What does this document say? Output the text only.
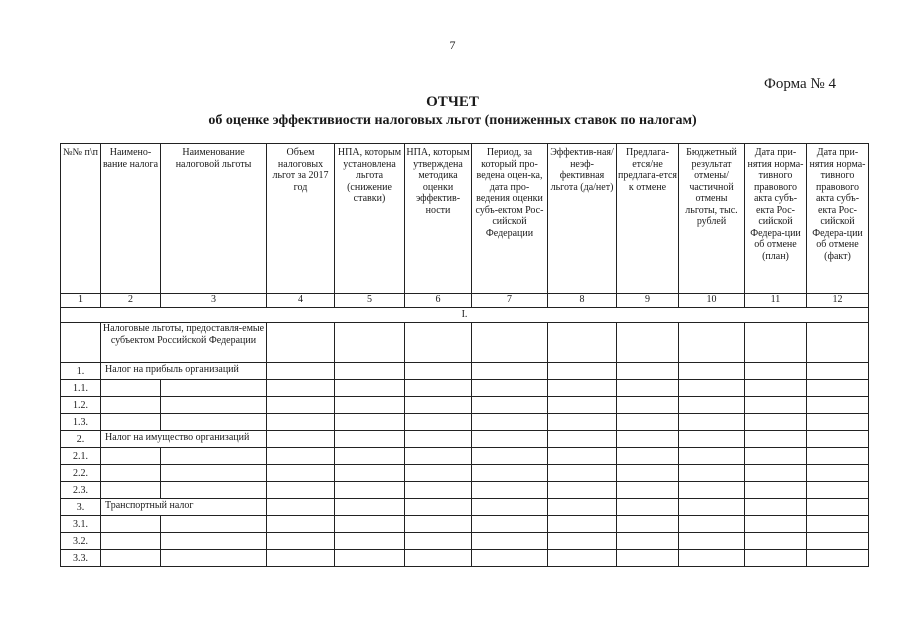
7
Форма № 4
ОТЧЕТ
об оценке эффективиости налоговых льгот (пониженных ставок по налогам)
№№ п\п	Наимено-вание налога	Наименование налоговой льготы	Объем налоговых льгот за 2017 год	НПА, которым установлена льгота (снижение ставки)	НПА, которым утверждена методика оценки эффектив-ности	Период, за который про-ведена оцен-ка, дата про-ведения оценки субъ-ектом Рос-сийской Федерации	Эффектив-ная/неэф-фективная льгота (да/нет)	Предлага-ется/не предлага-ется к отмене	Бюджетный результат отмены/ частичной отмены льготы, тыс. рублей	Дата при-нятия норма-тивного правового акта субъ-екта Рос-сийской Федера-ции об отмене (план)	Дата при-нятия норма-тивного правового акта субъ-екта Рос-сийской Федера-ции об отмене (факт)
1	2	3	4	5	6	7	8	9	10	11	12
I.											
	Налоговые льготы, предоставля-емые субъектом Российской Федерации										
1.	Налог на прибыль организаций										
1.1.											
1.2.											
1.3.											
2.	Налог на имущество организаций										
2.1.											
2.2.											
2.3.											
3.	Транспортный налог										
3.1.											
3.2.											
3.3.											
